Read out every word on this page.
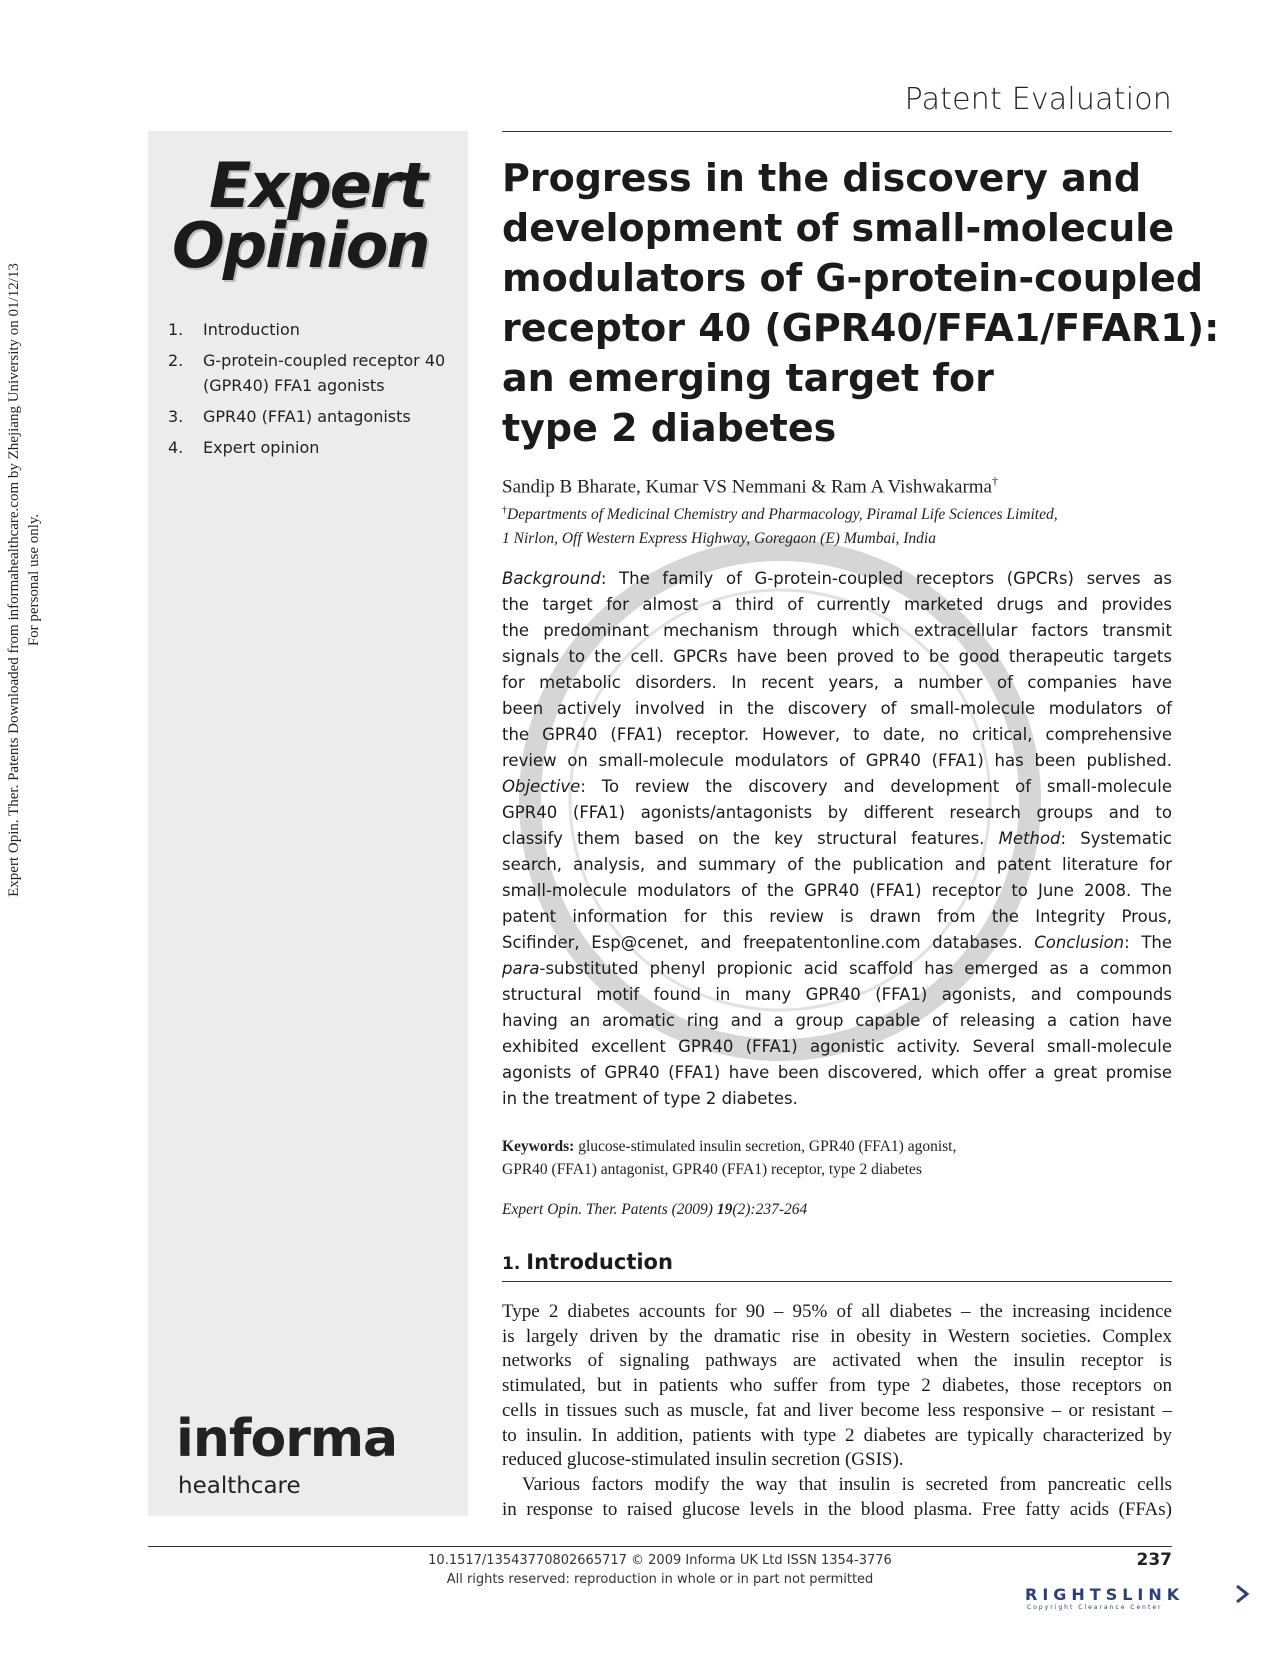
Expert Opin. Ther. Patents Downloaded from informahealthcare.com by Zhejiang University on 01/12/13 For personal use only.
Patent Evaluation
Expert
Opinion
1.	Introduction
2.	G-protein-coupled receptor 40 (GPR40) FFA1 agonists
3.	GPR40 (FFA1) antagonists
4.	Expert opinion
informa
healthcare
Progress in the discovery and
development of small-molecule
modulators of G-protein-coupled
receptor 40 (GPR40/FFA1/FFAR1):
an emerging target for
type 2 diabetes
Sandip B Bharate, Kumar VS Nemmani & Ram A Vishwakarma†
†Departments of Medicinal Chemistry and Pharmacology, Piramal Life Sciences Limited,
1 Nirlon, Off Western Express Highway, Goregaon (E) Mumbai, India
Background: The family of G-protein-coupled receptors (GPCRs) serves as
the target for almost a third of currently marketed drugs and provides
the predominant mechanism through which extracellular factors transmit
signals to the cell. GPCRs have been proved to be good therapeutic targets
for metabolic disorders. In recent years, a number of companies have
been actively involved in the discovery of small-molecule modulators of
the GPR40 (FFA1) receptor. However, to date, no critical, comprehensive
review on small-molecule modulators of GPR40 (FFA1) has been published.
Objective: To review the discovery and development of small-molecule
GPR40 (FFA1) agonists/antagonists by different research groups and to
classify them based on the key structural features. Method: Systematic
search, analysis, and summary of the publication and patent literature for
small-molecule modulators of the GPR40 (FFA1) receptor to June 2008. The
patent information for this review is drawn from the Integrity Prous,
Scifinder, Esp@cenet, and freepatentonline.com databases. Conclusion: The
para-substituted phenyl propionic acid scaffold has emerged as a common
structural motif found in many GPR40 (FFA1) agonists, and compounds
having an aromatic ring and a group capable of releasing a cation have
exhibited excellent GPR40 (FFA1) agonistic activity. Several small-molecule
agonists of GPR40 (FFA1) have been discovered, which offer a great promise
in the treatment of type 2 diabetes.
Keywords: glucose-stimulated insulin secretion, GPR40 (FFA1) agonist,
GPR40 (FFA1) antagonist, GPR40 (FFA1) receptor, type 2 diabetes
Expert Opin. Ther. Patents (2009) 19(2):237-264
1. Introduction
Type 2 diabetes accounts for 90 – 95% of all diabetes – the increasing incidence
is largely driven by the dramatic rise in obesity in Western societies. Complex
networks of signaling pathways are activated when the insulin receptor is
stimulated, but in patients who suffer from type 2 diabetes, those receptors on
cells in tissues such as muscle, fat and liver become less responsive – or resistant –
to insulin. In addition, patients with type 2 diabetes are typically characterized by
reduced glucose-stimulated insulin secretion (GSIS).
Various factors modify the way that insulin is secreted from pancreatic cells
in response to raised glucose levels in the blood plasma. Free fatty acids (FFAs)
10.1517/13543770802665717 © 2009 Informa UK Ltd ISSN 1354-3776
All rights reserved: reproduction in whole or in part not permitted
237
RIGHTSLINK
Copyright Clearance Center
